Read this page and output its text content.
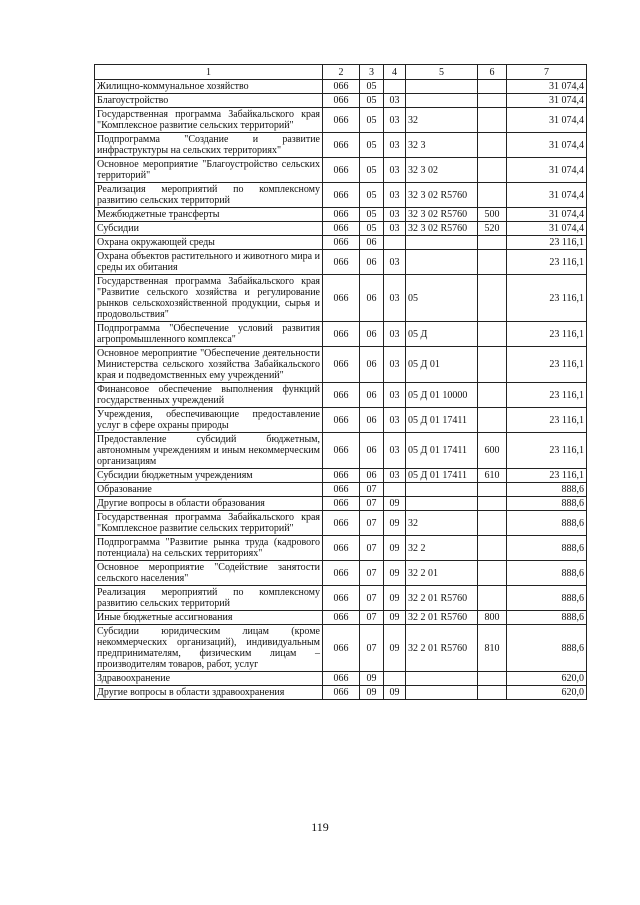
1	2	3	4	5	6	7
Жилищно-коммунальное хозяйство	066	05				31 074,4
Благоустройство	066	05	03			31 074,4
Государственная программа Забайкальского края "Комплексное развитие сельских территорий"	066	05	03	32		31 074,4
Подпрограмма "Создание и развитие инфраструктуры на сельских территориях"	066	05	03	32 3		31 074,4
Основное мероприятие "Благоустройство сельских территорий"	066	05	03	32 3 02		31 074,4
Реализация мероприятий по комплексному развитию сельских территорий	066	05	03	32 3 02 R5760		31 074,4
Межбюджетные трансферты	066	05	03	32 3 02 R5760	500	31 074,4
Субсидии	066	05	03	32 3 02 R5760	520	31 074,4
Охрана окружающей среды	066	06				23 116,1
Охрана объектов растительного и животного мира и среды их обитания	066	06	03			23 116,1
Государственная программа Забайкальского края "Развитие сельского хозяйства и регулирование рынков сельскохозяйственной продукции, сырья и продовольствия"	066	06	03	05		23 116,1
Подпрограмма "Обеспечение условий развития агропромышленного комплекса"	066	06	03	05 Д		23 116,1
Основное мероприятие "Обеспечение деятельности Министерства сельского хозяйства Забайкальского края и подведомственных ему учреждений"	066	06	03	05 Д 01		23 116,1
Финансовое обеспечение выполнения функций государственных учреждений	066	06	03	05 Д 01 10000		23 116,1
Учреждения, обеспечивающие предоставление услуг в сфере охраны природы	066	06	03	05 Д 01 17411		23 116,1
Предоставление субсидий бюджетным, автономным учреждениям и иным некоммерческим организациям	066	06	03	05 Д 01 17411	600	23 116,1
Субсидии бюджетным учреждениям	066	06	03	05 Д 01 17411	610	23 116,1
Образование	066	07				888,6
Другие вопросы в области образования	066	07	09			888,6
Государственная программа Забайкальского края "Комплексное развитие сельских территорий"	066	07	09	32		888,6
Подпрограмма "Развитие рынка труда (кадрового потенциала) на сельских территориях"	066	07	09	32 2		888,6
Основное мероприятие "Содействие занятости сельского населения"	066	07	09	32 2 01		888,6
Реализация мероприятий по комплексному развитию сельских территорий	066	07	09	32 2 01 R5760		888,6
Иные бюджетные ассигнования	066	07	09	32 2 01 R5760	800	888,6
Субсидии юридическим лицам (кроме некоммерческих организаций), индивидуальным предпринимателям, физическим лицам – производителям товаров, работ, услуг	066	07	09	32 2 01 R5760	810	888,6
Здравоохранение	066	09				620,0
Другие вопросы в области здравоохранения	066	09	09			620,0
119
